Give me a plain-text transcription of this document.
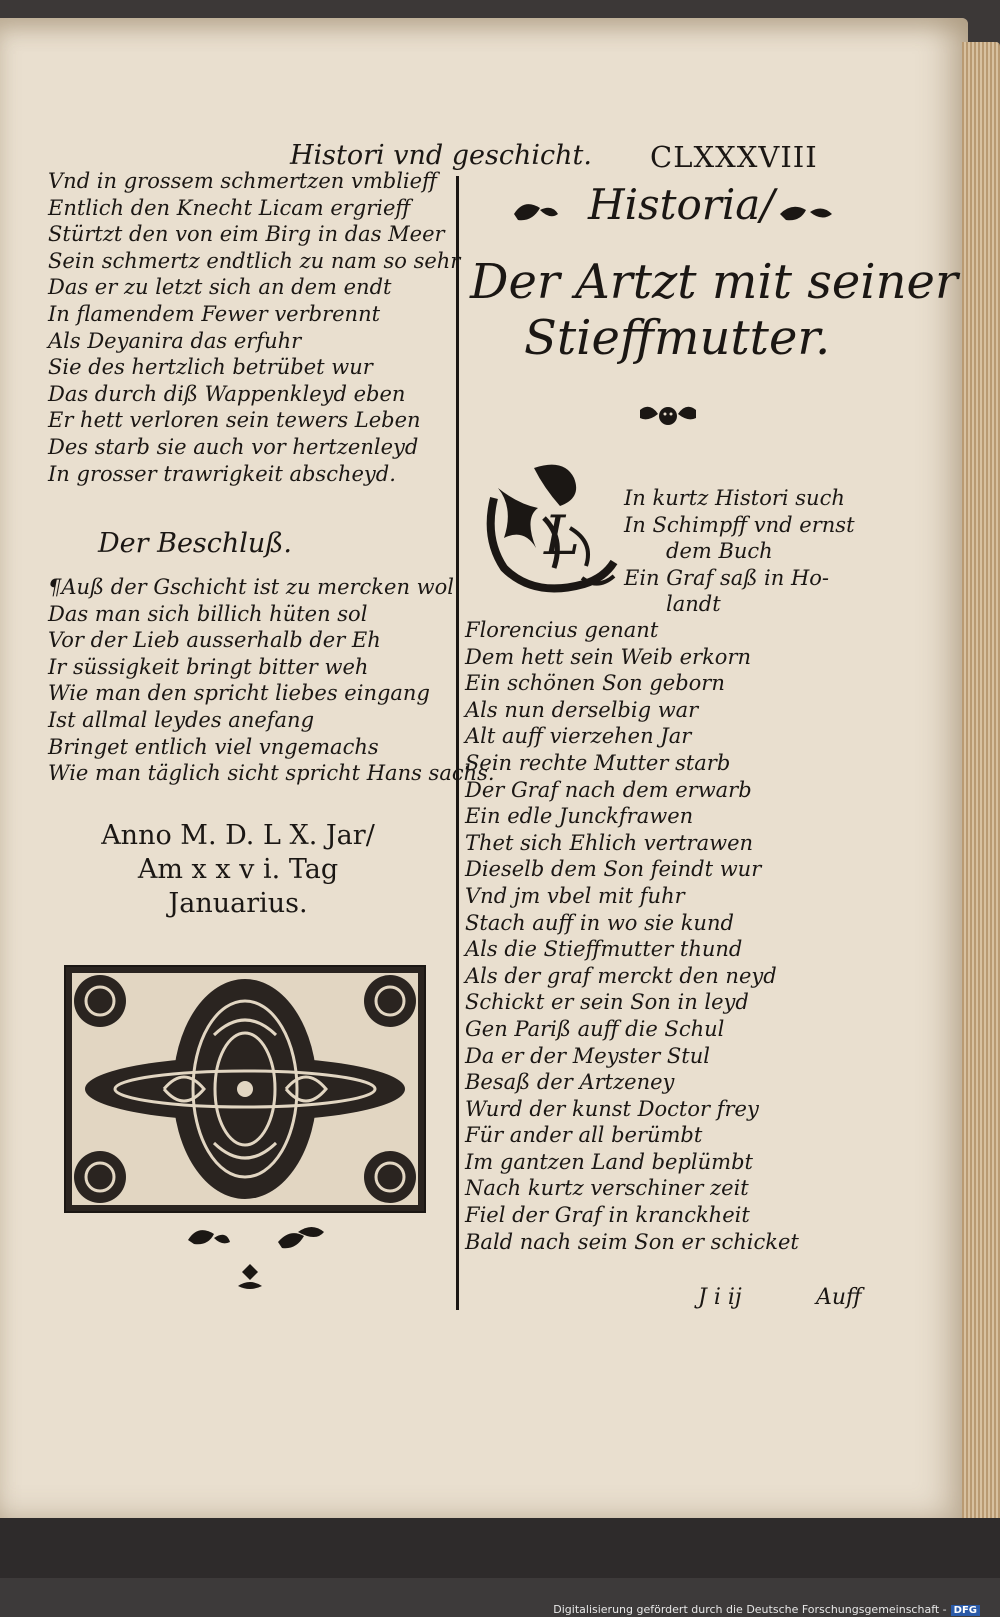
Histori vnd geschicht. CLXXXVIII
Vnd in grossem schmertzen vmblieff
Entlich den Knecht Licam ergrieff
Stürtzt den von eim Birg in das Meer
Sein schmertz endtlich zu nam so sehr
Das er zu letzt sich an dem endt
In flamendem Fewer verbrennt
Als Deyanira das erfuhr
Sie des hertzlich betrübet wur
Das durch diß Wappenkleyd eben
Er hett verloren sein tewers Leben
Des starb sie auch vor hertzenleyd
In grosser trawrigkeit abscheyd.
Der Beschluß.
¶Auß der Gschicht ist zu mercken wol
Das man sich billich hüten sol
Vor der Lieb ausserhalb der Eh
Ir süssigkeit bringt bitter weh
Wie man den spricht liebes eingang
Ist allmal leydes anefang
Bringet entlich viel vngemachs
Wie man täglich sicht spricht Hans sachs.
Anno M. D. L X. Jar/
Am x x v i. Tag
Januarius.
Historia/
Der Artzt mit seiner
Stieffmutter.
L
In kurtz Histori such
In Schimpff vnd ernst
dem Buch
Ein Graf saß in Ho-
landt
Florencius genant
Dem hett sein Weib erkorn
Ein schönen Son geborn
Als nun derselbig war
Alt auff vierzehen Jar
Sein rechte Mutter starb
Der Graf nach dem erwarb
Ein edle Junckfrawen
Thet sich Ehlich vertrawen
Dieselb dem Son feindt wur
Vnd jm vbel mit fuhr
Stach auff in wo sie kund
Als die Stieffmutter thund
Als der graf merckt den neyd
Schickt er sein Son in leyd
Gen Pariß auff die Schul
Da er der Meyster Stul
Besaß der Artzeney
Wurd der kunst Doctor frey
Für ander all berümbt
Im gantzen Land beplümbt
Nach kurtz verschiner zeit
Fiel der Graf in kranckheit
Bald nach seim Son er schicket
J i ij	Auff
Digitalisierung gefördert durch die Deutsche Forschungsgemeinschaft - DFG
